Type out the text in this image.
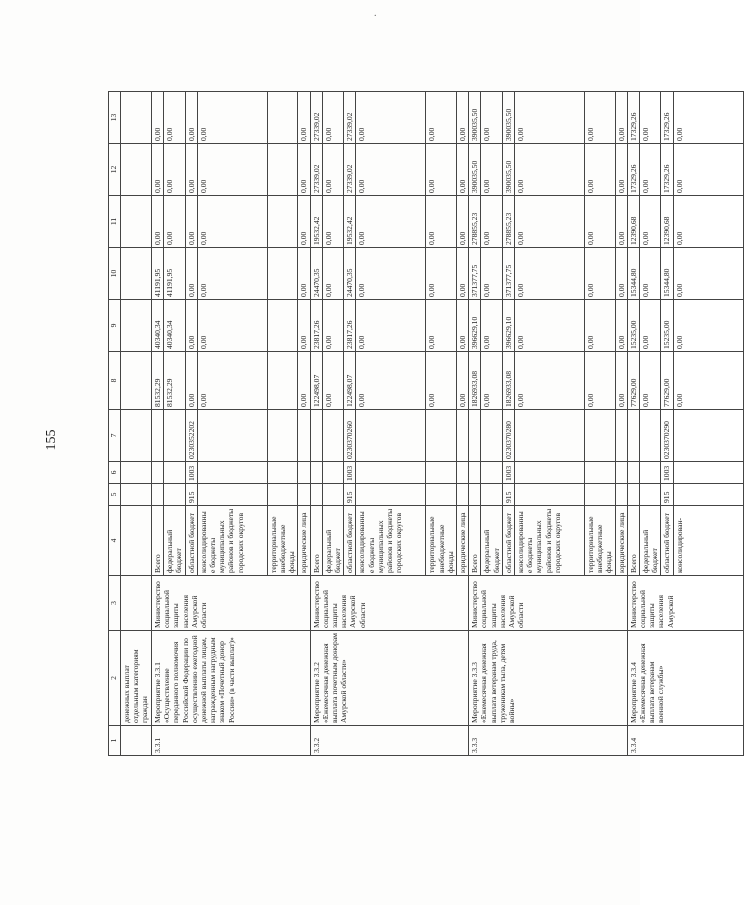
.
155
1	2	3	4	5	6	7	8	9	10	11	12	13
	денежных выплат отдельным категориям граждан											
3.3.1	Мероприятие 3.3.1 «Осуществление переданного полномочия Российской Федерации по осуществлению ежегодной денежной выплаты лицам, награжденным нагрудным знаком «Почетный донор России» (в части выплат)»	Министерство социальной защиты населения Амурской области	Всего				81532,29	40340,34	41191,95	0,00	0,00	0,00
			федеральный бюджет				81532,29	40340,34	41191,95	0,00	0,00	0,00
			областной бюджет	915	1003	0230352202	0,00	0,00	0,00	0,00	0,00	0,00
			консолидированные бюджеты муниципальных районов и бюджеты городских округов				0,00	0,00	0,00	0,00	0,00	0,00
			территориальные внебюджетные фонды									
			юридические лица				0,00	0,00	0,00	0,00	0,00	0,00
3.3.2	Мероприятие 3.3.2 «Ежемесячная денежная выплата почетным донорам Амурской области»	Министерство социальной защиты населения Амурской области	Всего				122498,07	23817,26	24470,35	19532,42	27339,02	27339,02
			федеральный бюджет				0,00	0,00	0,00	0,00	0,00	0,00
			областной бюджет	915	1003	0230370260	122498,07	23817,26	24470,35	19532,42	27339,02	27339,02
			консолидированные бюджеты муниципальных районов и бюджеты городских округов				0,00	0,00	0,00	0,00	0,00	0,00
			территориальные внебюджетные фонды				0,00	0,00	0,00	0,00	0,00	0,00
			юридические лица				0,00	0,00	0,00	0,00	0,00	0,00
3.3.3	Мероприятие 3.3.3 «Ежемесячная денежная выплата ветеранам труда, труженикам тыла, детям войны»	Министерство социальной защиты населения Амурской области	Всего				1826933,08	396629,10	371377,75	278855,23	390035,50	390035,50
			федеральный бюджет				0,00	0,00	0,00	0,00	0,00	0,00
			областной бюджет	915	1003	0230370280	1826933,08	396629,10	371377,75	278855,23	390035,50	390035,50
			консолидированные бюджеты муниципальных районов и бюджеты городских округов				0,00	0,00	0,00	0,00	0,00	0,00
			территориальные внебюджетные фонды				0,00	0,00	0,00	0,00	0,00	0,00
			юридические лица				0,00	0,00	0,00	0,00	0,00	0,00
3.3.4	Мероприятие 3.3.4 «Ежемесячная денежная выплата ветеранам военной службы»	Министерство социальной защиты населения Амурской	Всего				77629,00	15235,00	15344,80	12390,68	17329,26	17329,26
			федеральный бюджет				0,00	0,00	0,00	0,00	0,00	0,00
			областной бюджет	915	1003	0230370290	77629,00	15235,00	15344,80	12390,68	17329,26	17329,26
			консолидирован-				0,00	0,00	0,00	0,00	0,00	0,00
